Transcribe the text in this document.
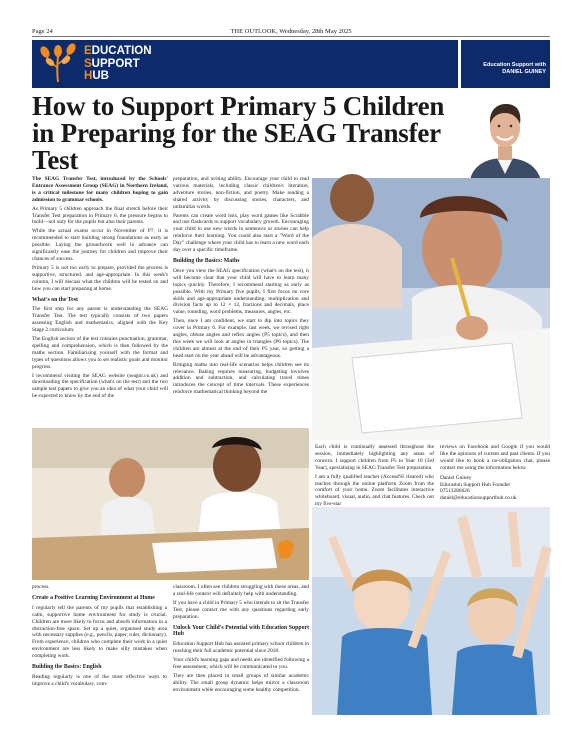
Page 24	THE OUTLOOK, Wednesday, 28th May 2025
EDUCATION
SUPPORT
HUB
Education Support with
DANIEL GUINEY
How to Support Primary 5 Children in Preparing for the SEAG Transfer Test

The SEAG Transfer Test, introduced by the Schools' Entrance Assessment Group (SEAG) in Northern Ireland, is a critical milestone for many children hoping to gain admission to grammar schools.

As Primary 5 children approach the final stretch before their Transfer Test preparation in Primary 6, the pressure begins to build—not only for the pupils but also their parents.

While the actual exams occur in November of P7, it is recommended to start building strong foundations as early as possible. Laying the groundwork well in advance can significantly ease the journey for children and improve their chances of success.

Primary 5 is not too early to prepare, provided the process is supportive, structured, and age-appropriate. In this week's column, I will discuss what the children will be tested on and how you can start preparing at home.

What's on the Test

The first step for any parent is understanding the SEAG Transfer Test. The test typically consists of two papers assessing English and mathematics, aligned with the Key Stage 2 curriculum.

The English section of the test contains punctuation, grammar, spelling and comprehension, which is then followed by the maths section. Familiarising yourself with the format and types of questions allows you to set realistic goals and monitor progress.

I recommend visiting the SEAG website (seagni.co.uk) and downloading the specification (what's on the test) and the two sample test papers to give you an idea of what your child will be expected to know by the end of the

preparation, and writing ability. Encourage your child to read various materials, including classic children's literature, adventure stories, non-fiction, and poetry. Make reading a shared activity by discussing stories, characters, and unfamiliar words.

Parents can create word lists, play word games like Scrabble and use flashcards to support vocabulary growth. Encouraging your child to use new words in sentences or stories can help reinforce their learning. You could also start a "Word of the Day" challenge where your child has to learn a new word each day over a specific timeframe.

Building the Basics: Maths

Once you view the SEAG specification (what's on the test), it will become clear that your child will have to learn many topics quickly. Therefore, I recommend starting as early as possible. With my Primary five pupils, I first focus on core skills and age-appropriate understanding: multiplication and division facts up to 12 × 12, fractions and decimals, place value, rounding, word problems, measures, angles, etc.

Then, once I am confident, we start to dip into topics they cover in Primary 6. For example, last week, we revised right angles, obtuse angles and reflex angles (P5 topics), and then this week we will look at angles in triangles (P6 topics). The children are almost at the end of their P5 year, so getting a head start on the year ahead will be advantageous.

Bringing maths into real-life scenarios helps children see its relevance. Baking requires measuring, budgeting involves addition and subtraction, and calculating travel times introduces the concept of time intervals. These experiences reinforce mathematical thinking beyond the

Each child is continually assessed throughout the session, immediately highlighting any areas of concern. I support children from P5 to Year 10 (3rd Year), specialising in SEAG Transfer Test preparation.

I am a fully qualified teacher (AccessNI cleared) who teaches through the online platform Zoom from the comfort of your home. Zoom facilitates interactive whiteboard, visual, audio, and chat features. Check out my five-star

reviews on Facebook and Google if you would like the opinions of current and past clients. If you would like to book a no-obligation chat, please contact me using the information below.

Daniel Guiney

Education Support Hub Founder

07513286626

daniel@educationsupporthub.co.uk

process.

Create a Positive Learning Environment at Home

I regularly tell the parents of my pupils that establishing a calm, supportive home environment for study is crucial. Children are more likely to focus and absorb information in a distraction-free space. Set up a quiet, organised study area with necessary supplies (e.g., pencils, paper, ruler, dictionary). From experience, children who complete their work in a quiet environment are less likely to make silly mistakes when completing work.

Building the Basics: English

Reading regularly is one of the most effective ways to improve a child's vocabulary, com-

classroom. I often see children struggling with these areas, and a real-life context will definitely help with understanding.

If you have a child in Primary 5 who intends to sit the Transfer Test, please contact me with any questions regarding early preparation.

Unlock Your Child's Potential with Education Support Hub

Education Support Hub has assisted primary school children in reaching their full academic potential since 2018.

Your child's learning gaps and needs are identified following a free assessment, which will be communicated to you.

They are then placed in small groups of similar academic ability. The small group dynamic helps mirror a classroom environment while encouraging some healthy competition.
